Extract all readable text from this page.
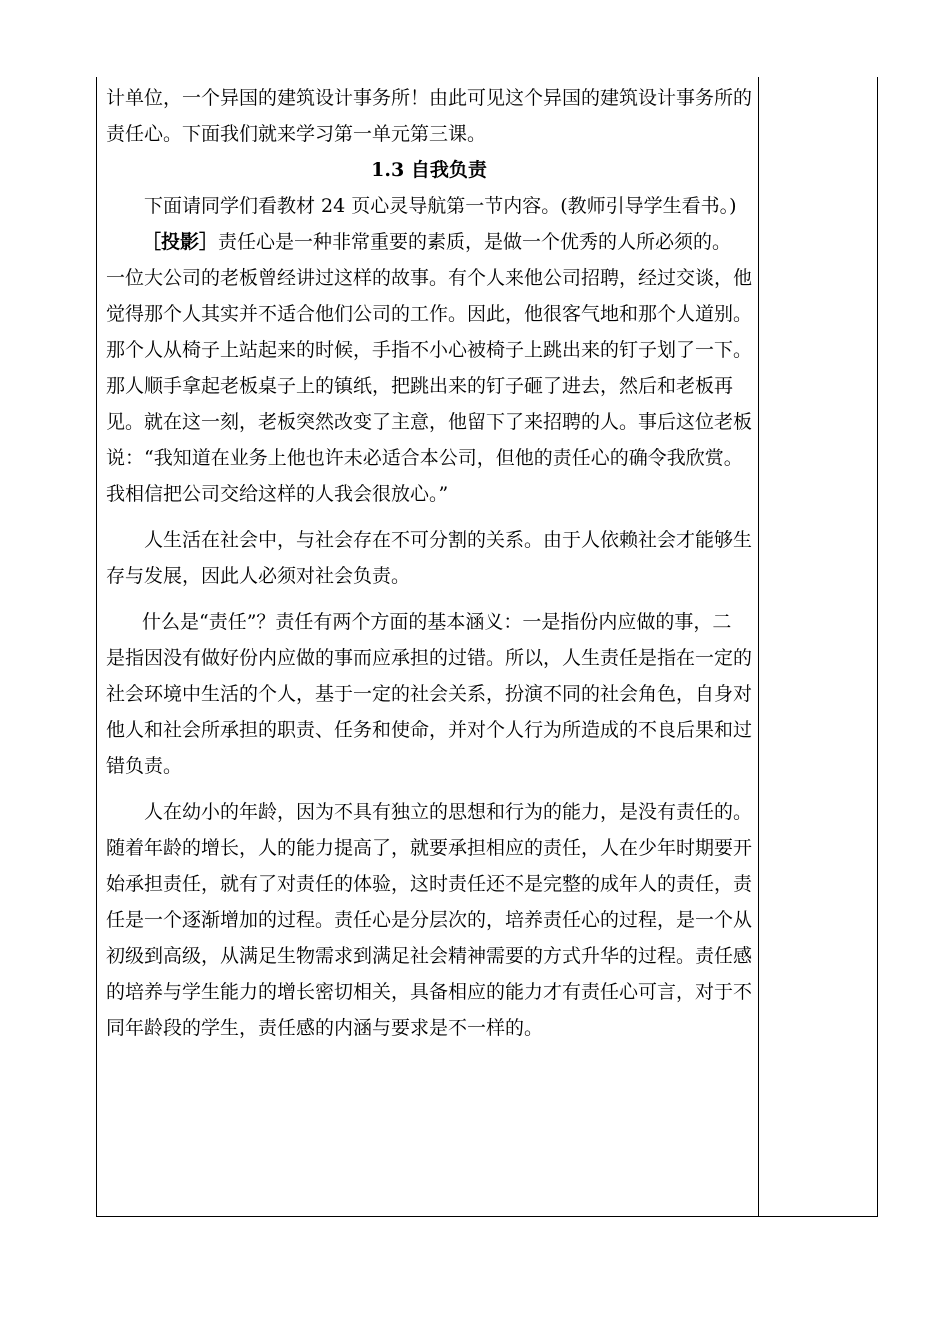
计单位，一个异国的建筑设计事务所！由此可见这个异国的建筑设计事务所的
责任心。下面我们就来学习第一单元第三课。
1.3 自我负责
下面请同学们看教材 24 页心灵导航第一节内容。(教师引导学生看书。)
［投影］责任心是一种非常重要的素质，是做一个优秀的人所必须的。
一位大公司的老板曾经讲过这样的故事。有个人来他公司招聘，经过交谈，他
觉得那个人其实并不适合他们公司的工作。因此，他很客气地和那个人道别。
那个人从椅子上站起来的时候，手指不小心被椅子上跳出来的钉子划了一下。
那人顺手拿起老板桌子上的镇纸，把跳出来的钉子砸了进去，然后和老板再
见。就在这一刻，老板突然改变了主意，他留下了来招聘的人。事后这位老板
说：“我知道在业务上他也许未必适合本公司，但他的责任心的确令我欣赏。
我相信把公司交给这样的人我会很放心。”
人生活在社会中，与社会存在不可分割的关系。由于人依赖社会才能够生
存与发展，因此人必须对社会负责。
什么是“责任”？责任有两个方面的基本涵义：一是指份内应做的事，二
是指因没有做好份内应做的事而应承担的过错。所以，人生责任是指在一定的
社会环境中生活的个人，基于一定的社会关系，扮演不同的社会角色，自身对
他人和社会所承担的职责、任务和使命，并对个人行为所造成的不良后果和过
错负责。
人在幼小的年龄，因为不具有独立的思想和行为的能力，是没有责任的。
随着年龄的增长，人的能力提高了，就要承担相应的责任，人在少年时期要开
始承担责任，就有了对责任的体验，这时责任还不是完整的成年人的责任，责
任是一个逐渐增加的过程。责任心是分层次的，培养责任心的过程，是一个从
初级到高级，从满足生物需求到满足社会精神需要的方式升华的过程。责任感
的培养与学生能力的增长密切相关，具备相应的能力才有责任心可言，对于不
同年龄段的学生，责任感的内涵与要求是不一样的。
